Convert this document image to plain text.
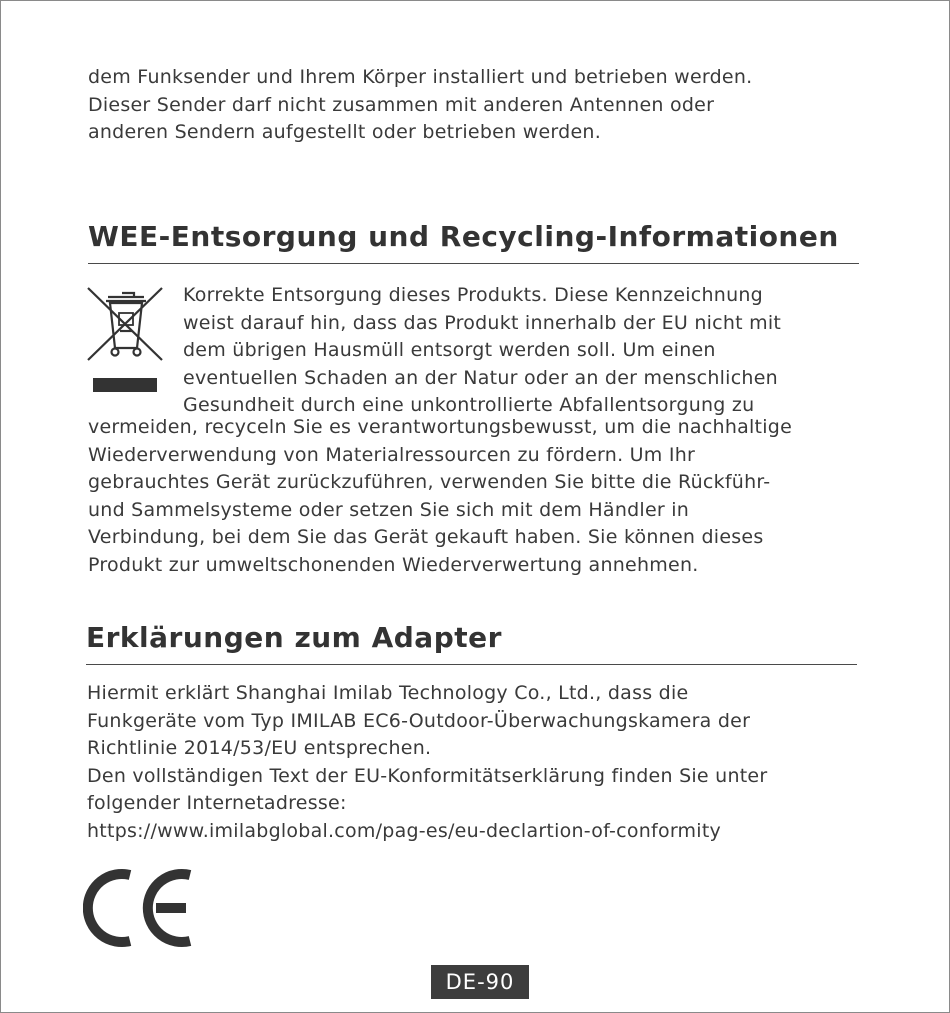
dem Funksender und Ihrem Körper installiert und betrieben werden.
Dieser Sender darf nicht zusammen mit anderen Antennen oder
anderen Sendern aufgestellt oder betrieben werden.
WEE-Entsorgung und Recycling-Informationen
Korrekte Entsorgung dieses Produkts. Diese Kennzeichnung
weist darauf hin, dass das Produkt innerhalb der EU nicht mit
dem übrigen Hausmüll entsorgt werden soll. Um einen
eventuellen Schaden an der Natur oder an der menschlichen
Gesundheit durch eine unkontrollierte Abfallentsorgung zu
vermeiden, recyceln Sie es verantwortungsbewusst, um die nachhaltige
Wiederverwendung von Materialressourcen zu fördern. Um Ihr
gebrauchtes Gerät zurückzuführen, verwenden Sie bitte die Rückführ-
und Sammelsysteme oder setzen Sie sich mit dem Händler in
Verbindung, bei dem Sie das Gerät gekauft haben. Sie können dieses
Produkt zur umweltschonenden Wiederverwertung annehmen.
Erklärungen zum Adapter
Hiermit erklärt Shanghai Imilab Technology Co., Ltd., dass die
Funkgeräte vom Typ IMILAB EC6-Outdoor-Überwachungskamera der
Richtlinie 2014/53/EU entsprechen.
Den vollständigen Text der EU-Konformitätserklärung finden Sie unter
folgender Internetadresse:
https://www.imilabglobal.com/pag-es/eu-declartion-of-conformity
DE-90
